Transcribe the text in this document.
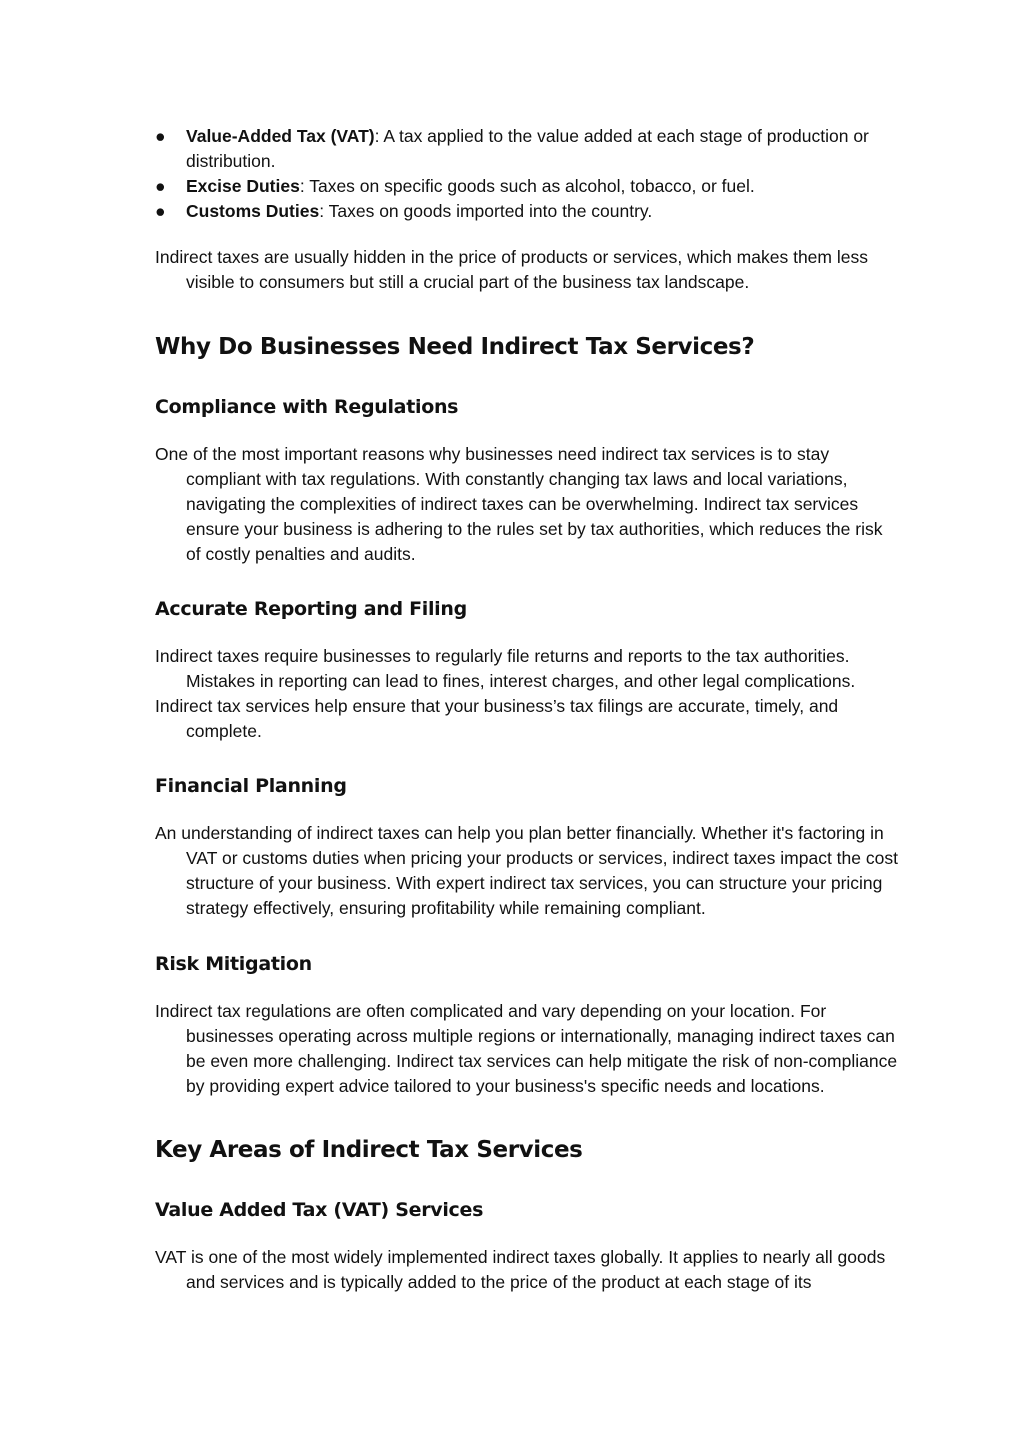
●	Value-Added Tax (VAT): A tax applied to the value added at each stage of production or distribution.
●	Excise Duties: Taxes on specific goods such as alcohol, tobacco, or fuel.
●	Customs Duties: Taxes on goods imported into the country.

Indirect taxes are usually hidden in the price of products or services, which makes them less visible to consumers but still a crucial part of the business tax landscape.

Why Do Businesses Need Indirect Tax Services?
Compliance with Regulations

One of the most important reasons why businesses need indirect tax services is to stay compliant with tax regulations. With constantly changing tax laws and local variations, navigating the complexities of indirect taxes can be overwhelming. Indirect tax services ensure your business is adhering to the rules set by tax authorities, which reduces the risk of costly penalties and audits.

Accurate Reporting and Filing

Indirect taxes require businesses to regularly file returns and reports to the tax authorities. Mistakes in reporting can lead to fines, interest charges, and other legal complications.

Indirect tax services help ensure that your business’s tax filings are accurate, timely, and complete.

Financial Planning

An understanding of indirect taxes can help you plan better financially. Whether it's factoring in VAT or customs duties when pricing your products or services, indirect taxes impact the cost structure of your business. With expert indirect tax services, you can structure your pricing strategy effectively, ensuring profitability while remaining compliant.

Risk Mitigation

Indirect tax regulations are often complicated and vary depending on your location. For businesses operating across multiple regions or internationally, managing indirect taxes can be even more challenging. Indirect tax services can help mitigate the risk of non-compliance by providing expert advice tailored to your business's specific needs and locations.

Key Areas of Indirect Tax Services
Value Added Tax (VAT) Services

VAT is one of the most widely implemented indirect taxes globally. It applies to nearly all goods and services and is typically added to the price of the product at each stage of its
